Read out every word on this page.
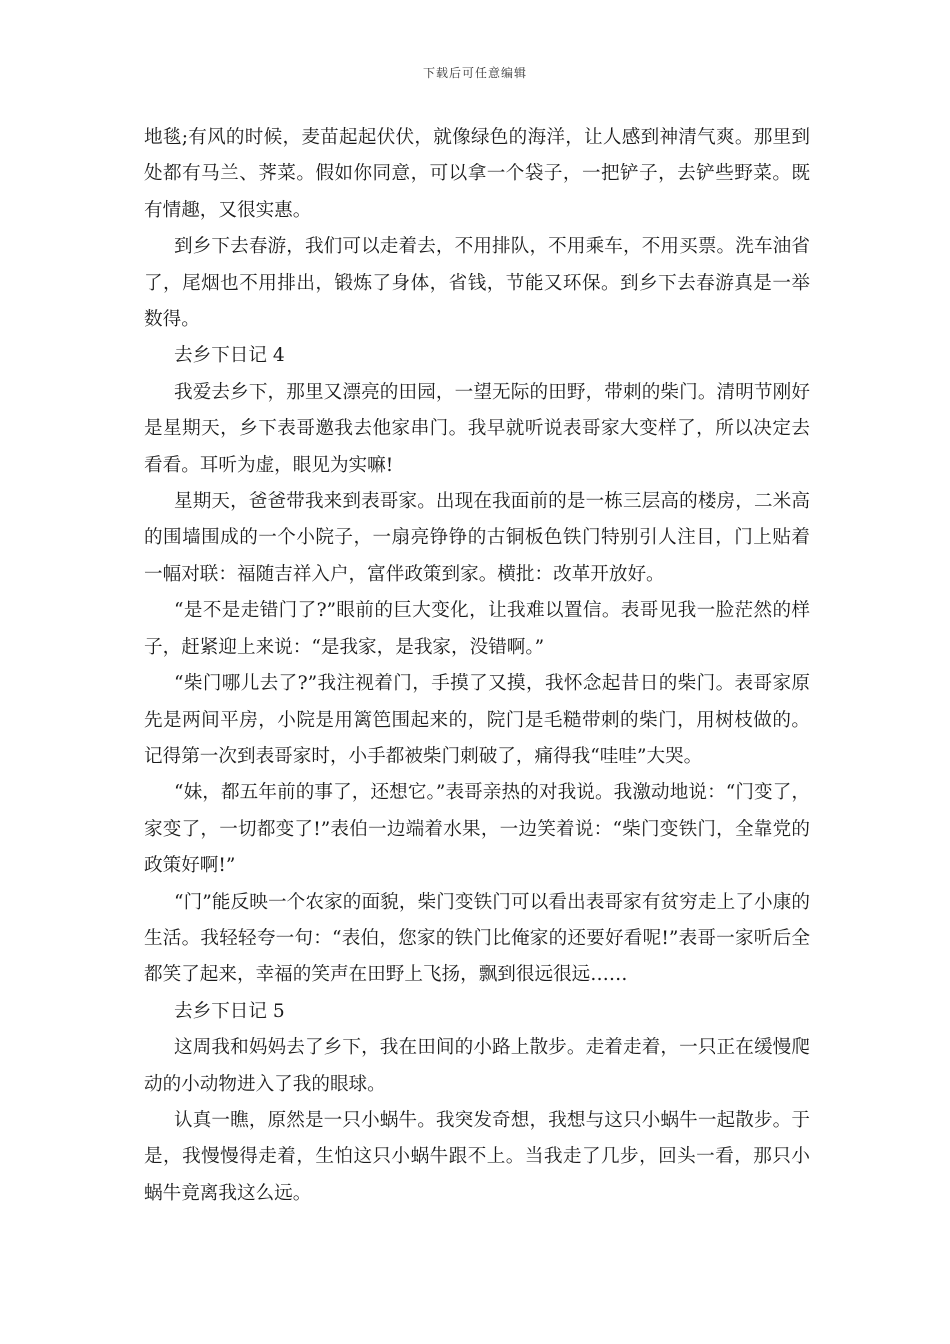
下载后可任意编辑

地毯;有风的时候，麦苗起起伏伏，就像绿色的海洋，让人感到神清气爽。那里到处都有马兰、荠菜。假如你同意，可以拿一个袋子，一把铲子，去铲些野菜。既有情趣，又很实惠。

到乡下去春游，我们可以走着去，不用排队，不用乘车，不用买票。洗车油省了，尾烟也不用排出，锻炼了身体，省钱，节能又环保。到乡下去春游真是一举数得。

去乡下日记 4

我爱去乡下，那里又漂亮的田园，一望无际的田野，带刺的柴门。清明节刚好是星期天，乡下表哥邀我去他家串门。我早就听说表哥家大变样了，所以决定去看看。耳听为虚，眼见为实嘛!

星期天，爸爸带我来到表哥家。出现在我面前的是一栋三层高的楼房，二米高的围墙围成的一个小院子，一扇亮铮铮的古铜板色铁门特别引人注目，门上贴着一幅对联：福随吉祥入户，富伴政策到家。横批：改革开放好。

“是不是走错门了?”眼前的巨大变化，让我难以置信。表哥见我一脸茫然的样子，赶紧迎上来说：“是我家，是我家，没错啊。”

“柴门哪儿去了?”我注视着门，手摸了又摸，我怀念起昔日的柴门。表哥家原先是两间平房，小院是用篱笆围起来的，院门是毛糙带刺的柴门，用树枝做的。记得第一次到表哥家时，小手都被柴门刺破了，痛得我“哇哇”大哭。

“妹，都五年前的事了，还想它。”表哥亲热的对我说。我激动地说：“门变了，家变了，一切都变了!”表伯一边端着水果，一边笑着说：“柴门变铁门，全靠党的政策好啊!”

“门”能反映一个农家的面貌，柴门变铁门可以看出表哥家有贫穷走上了小康的生活。我轻轻夸一句：“表伯，您家的铁门比俺家的还要好看呢!”表哥一家听后全都笑了起来，幸福的笑声在田野上飞扬，飘到很远很远……

去乡下日记 5

这周我和妈妈去了乡下，我在田间的小路上散步。走着走着，一只正在缓慢爬动的小动物进入了我的眼球。

认真一瞧，原然是一只小蜗牛。我突发奇想，我想与这只小蜗牛一起散步。于是，我慢慢得走着，生怕这只小蜗牛跟不上。当我走了几步，回头一看，那只小蜗牛竟离我这么远。
